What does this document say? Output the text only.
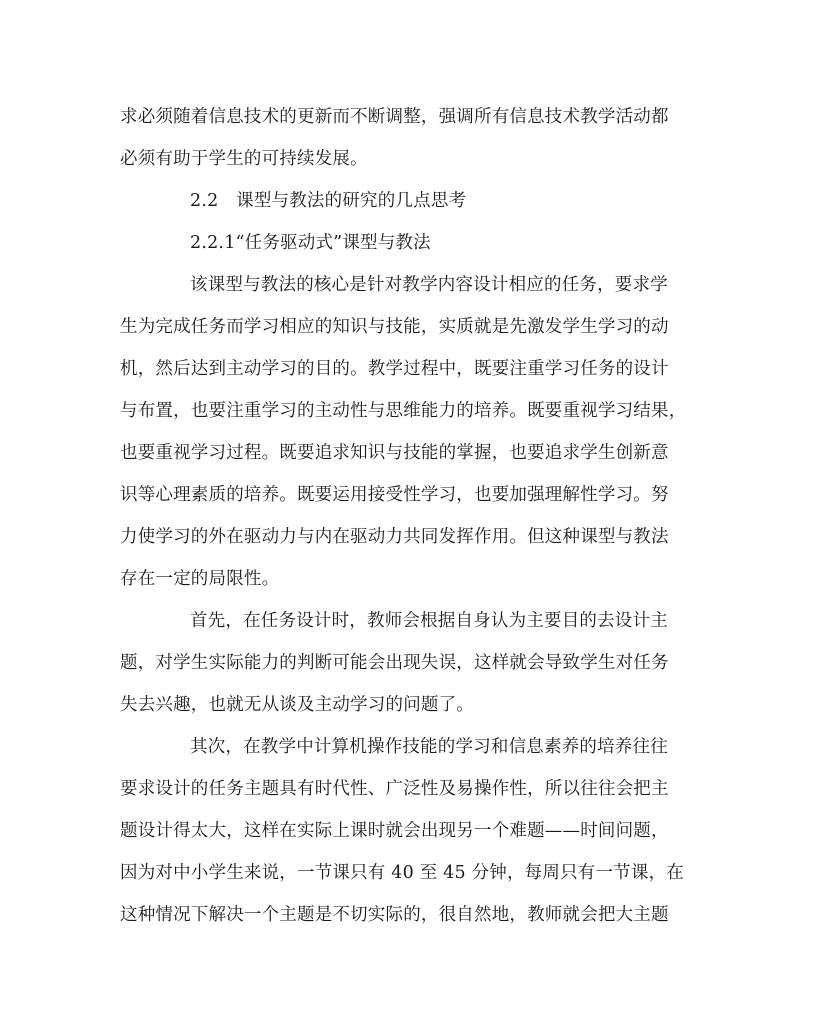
求必须随着信息技术的更新而不断调整，强调所有信息技术教学活动都
必须有助于学生的可持续发展。
2.2　课型与教法的研究的几点思考
2.2.1“任务驱动式”课型与教法
该课型与教法的核心是针对教学内容设计相应的任务，要求学
生为完成任务而学习相应的知识与技能，实质就是先激发学生学习的动
机，然后达到主动学习的目的。教学过程中，既要注重学习任务的设计
与布置，也要注重学习的主动性与思维能力的培养。既要重视学习结果，
也要重视学习过程。既要追求知识与技能的掌握，也要追求学生创新意
识等心理素质的培养。既要运用接受性学习，也要加强理解性学习。努
力使学习的外在驱动力与内在驱动力共同发挥作用。但这种课型与教法
存在一定的局限性。
首先，在任务设计时，教师会根据自身认为主要目的去设计主
题，对学生实际能力的判断可能会出现失误，这样就会导致学生对任务
失去兴趣，也就无从谈及主动学习的问题了。
其次，在教学中计算机操作技能的学习和信息素养的培养往往
要求设计的任务主题具有时代性、广泛性及易操作性，所以往往会把主
题设计得太大，这样在实际上课时就会出现另一个难题——时间问题，
因为对中小学生来说，一节课只有 40 至 45 分钟，每周只有一节课，在
这种情况下解决一个主题是不切实际的，很自然地，教师就会把大主题
